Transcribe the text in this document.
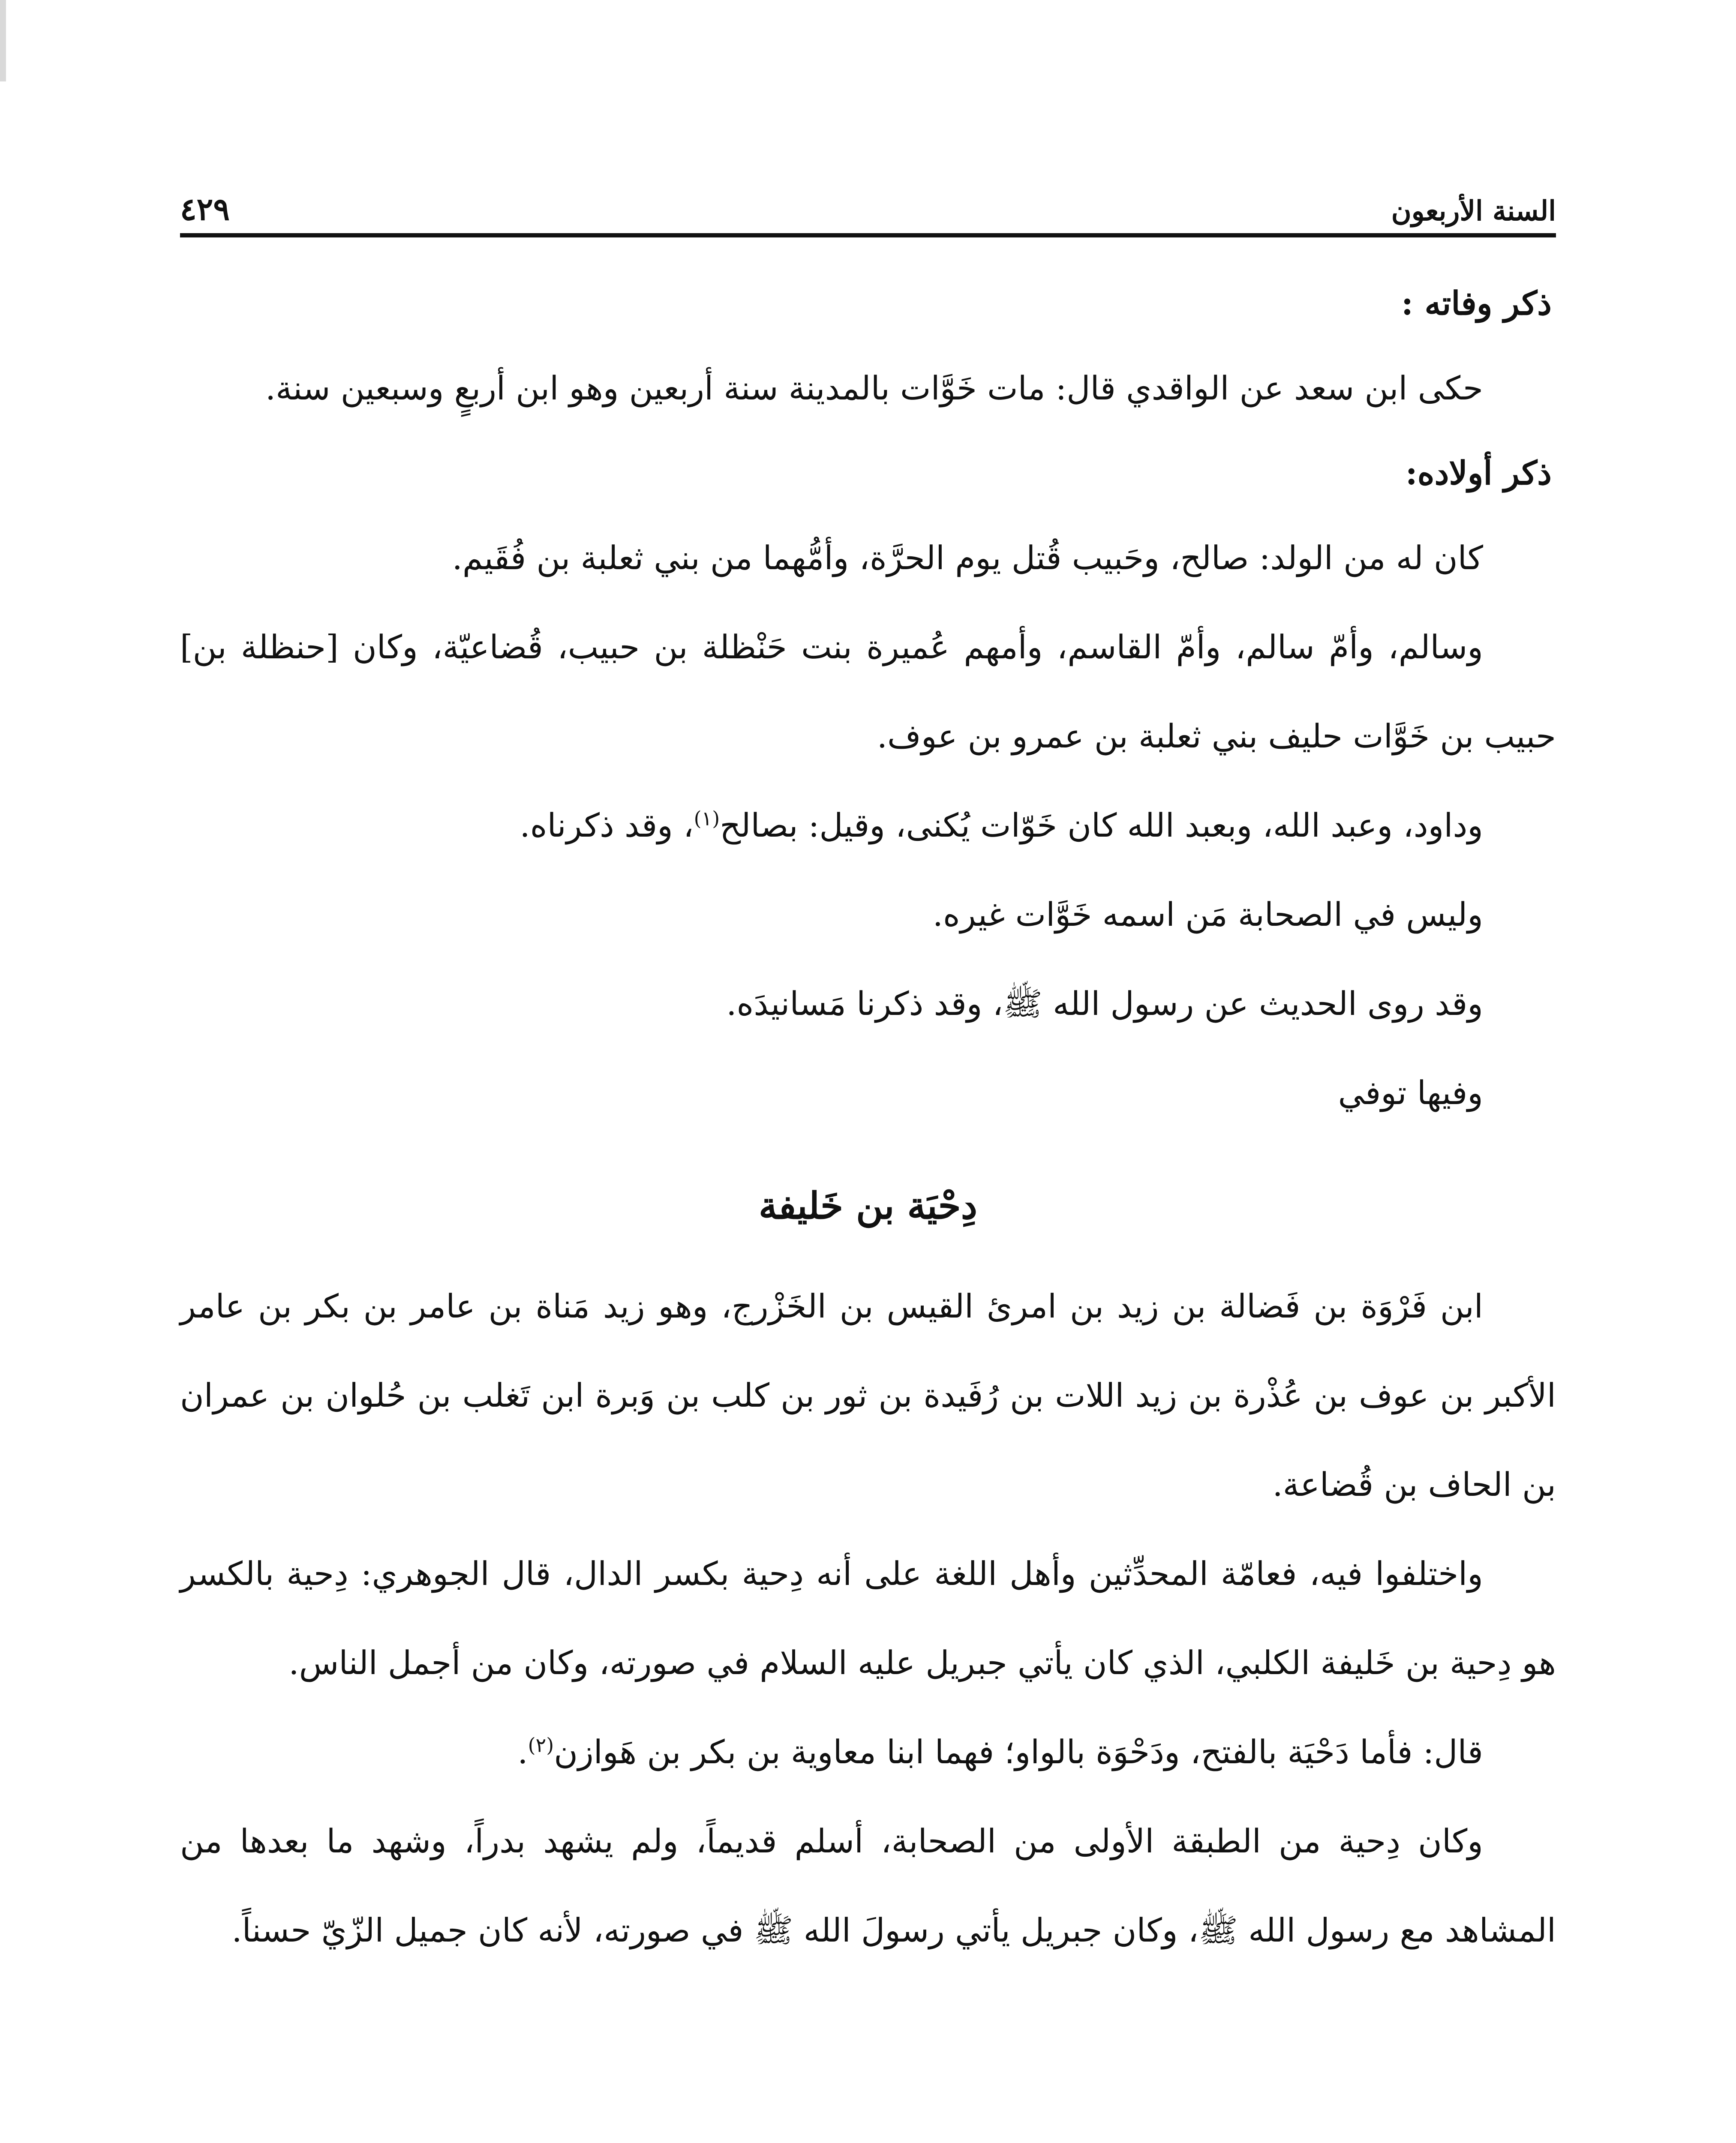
السنة الأربعون
٤٢٩
ذكر وفاته :

حكى ابن سعد عن الواقدي قال: مات خَوَّات بالمدينة سنة أربعين وهو ابن أربعٍ وسبعين سنة.

ذكر أولاده:

كان له من الولد: صالح، وحَبيب قُتل يوم الحرَّة، وأمُّهما من بني ثعلبة بن فُقَيم.

وسالم، وأمّ سالم، وأمّ القاسم، وأمهم عُميرة بنت حَنْظلة بن حبيب، قُضاعيّة، وكان [حنظلة بن] حبيب بن خَوَّات حليف بني ثعلبة بن عمرو بن عوف.

وداود، وعبد الله، وبعبد الله كان خَوّات يُكنى، وقيل: بصالح$^{(١)}$، وقد ذكرناه.

وليس في الصحابة مَن اسمه خَوَّات غيره.

وقد روى الحديث عن رسول الله ﷺ، وقد ذكرنا مَسانيدَه.

وفيها توفي

دِحْيَة بن خَليفة

ابن فَرْوَة بن فَضالة بن زيد بن امرئ القيس بن الخَزْرج، وهو زيد مَناة بن عامر بن بكر بن عامر الأكبر بن عوف بن عُذْرة بن زيد اللات بن رُفَيدة بن ثور بن كلب بن وَبرة ابن تَغلب بن حُلوان بن عمران بن الحاف بن قُضاعة.

واختلفوا فيه، فعامّة المحدِّثين وأهل اللغة على أنه دِحية بكسر الدال، قال الجوهري: دِحية بالكسر هو دِحية بن خَليفة الكلبي، الذي كان يأتي جبريل عليه السلام في صورته، وكان من أجمل الناس.

قال: فأما دَحْيَة بالفتح، ودَحْوَة بالواو؛ فهما ابنا معاوية بن بكر بن هَوازن$^{(٢)}$.

وكان دِحية من الطبقة الأولى من الصحابة، أسلم قديماً، ولم يشهد بدراً، وشهد ما بعدها من المشاهد مع رسول الله ﷺ، وكان جبريل يأتي رسولَ الله ﷺ في صورته، لأنه كان جميل الزّيّ حسناً.
